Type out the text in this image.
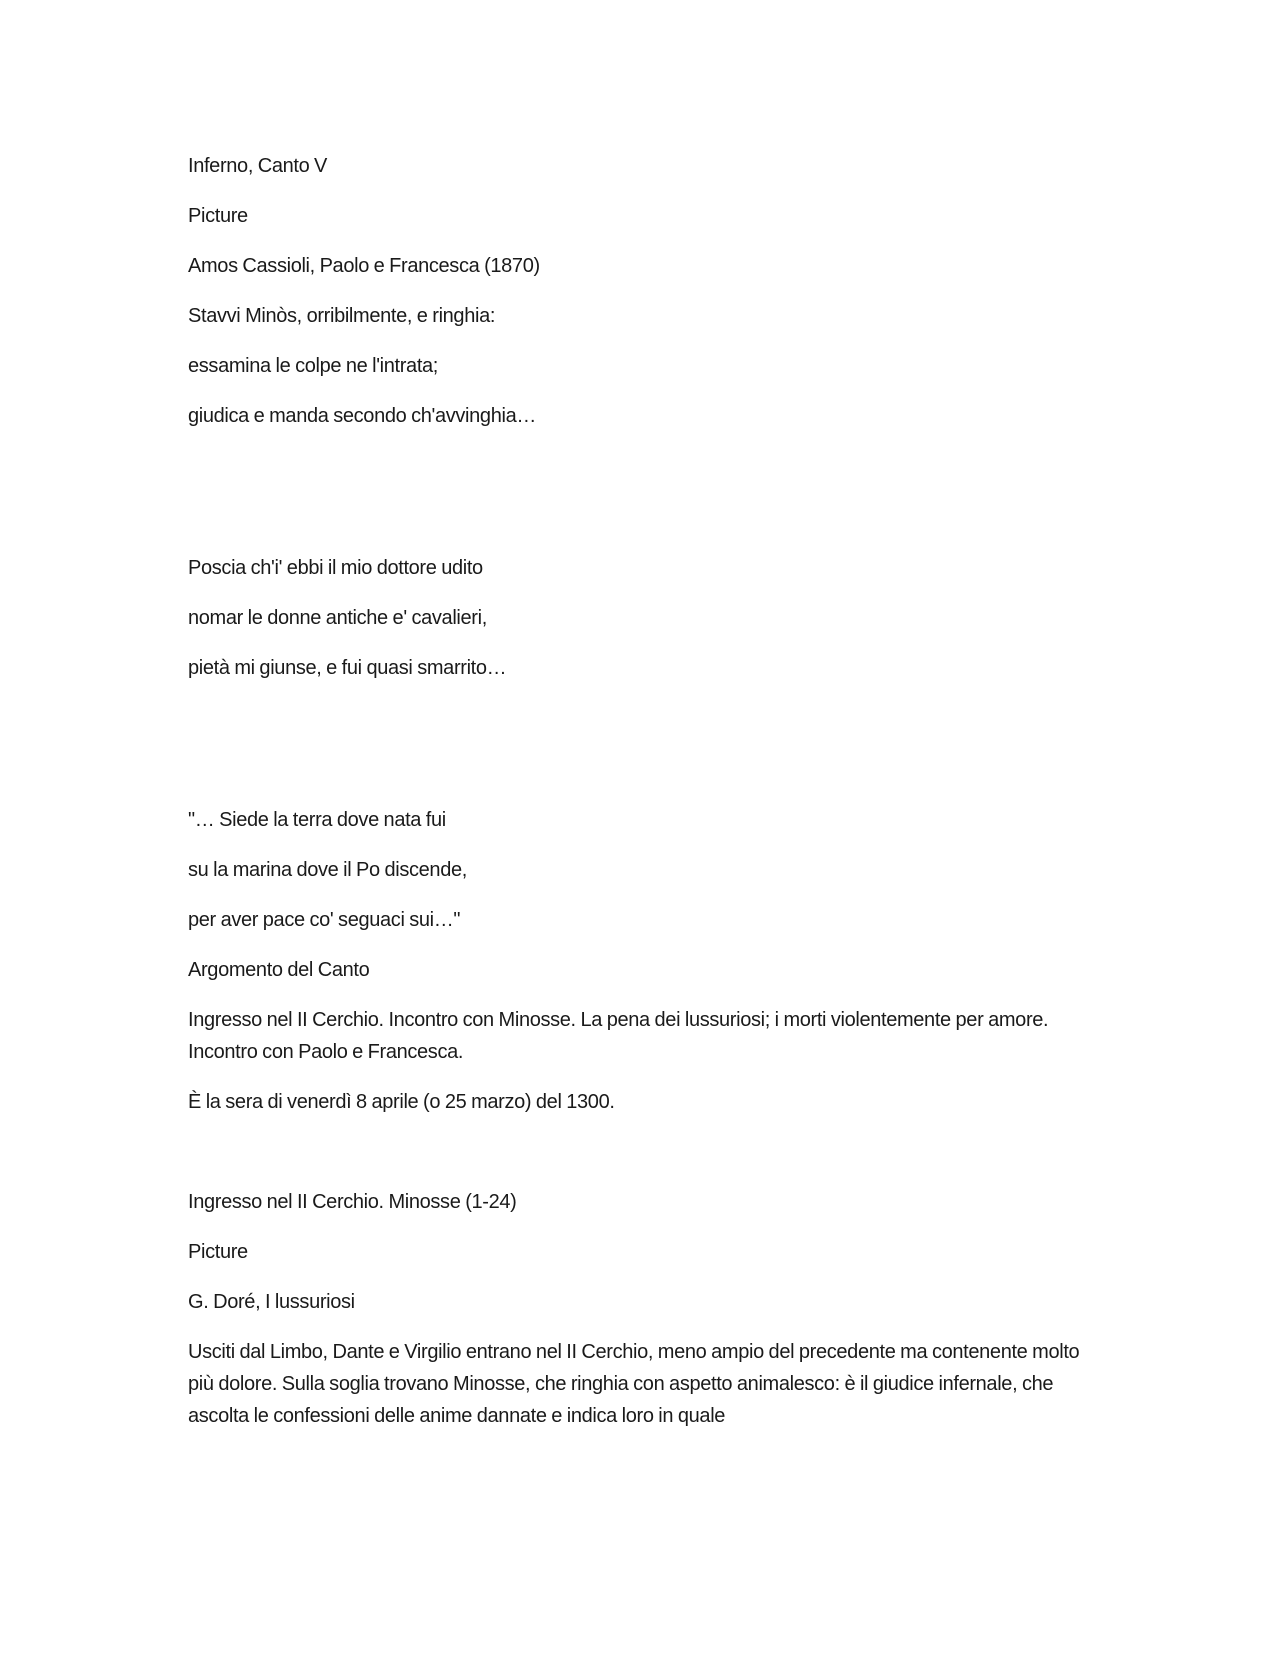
Inferno, Canto V

Picture

Amos Cassioli, Paolo e Francesca (1870)

Stavvi Minòs, orribilmente, e ringhia:

essamina le colpe ne l'intrata;

giudica e manda secondo ch'avvinghia…

Poscia ch'i' ebbi il mio dottore udito

nomar le donne antiche e' cavalieri,

pietà mi giunse, e fui quasi smarrito…

"… Siede la terra dove nata fui

su la marina dove il Po discende,

per aver pace co' seguaci sui…"

Argomento del Canto

Ingresso nel II Cerchio. Incontro con Minosse. La pena dei lussuriosi; i morti violentemente per amore. Incontro con Paolo e Francesca.

È la sera di venerdì 8 aprile (o 25 marzo) del 1300.

Ingresso nel II Cerchio. Minosse (1-24)

Picture

G. Doré, I lussuriosi

Usciti dal Limbo, Dante e Virgilio entrano nel II Cerchio, meno ampio del precedente ma contenente molto più dolore. Sulla soglia trovano Minosse, che ringhia con aspetto animalesco: è il giudice infernale, che ascolta le confessioni delle anime dannate e indica loro in quale
